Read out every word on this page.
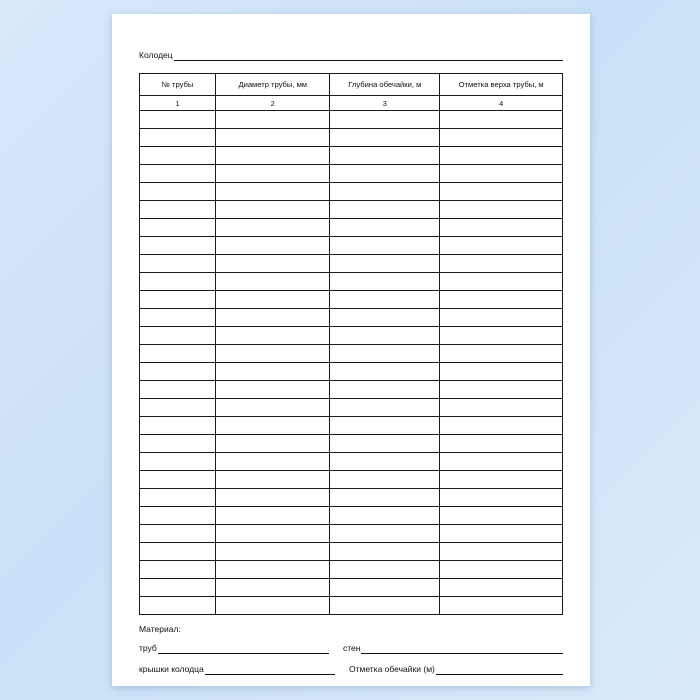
Колодец
№ трубы	Диаметр трубы, мм	Глубина обечайки, м	Отметка верха трубы, м
1	2	3	4

Материал:
труб	стен
крышки колодца	Отметка обечайки (м)
